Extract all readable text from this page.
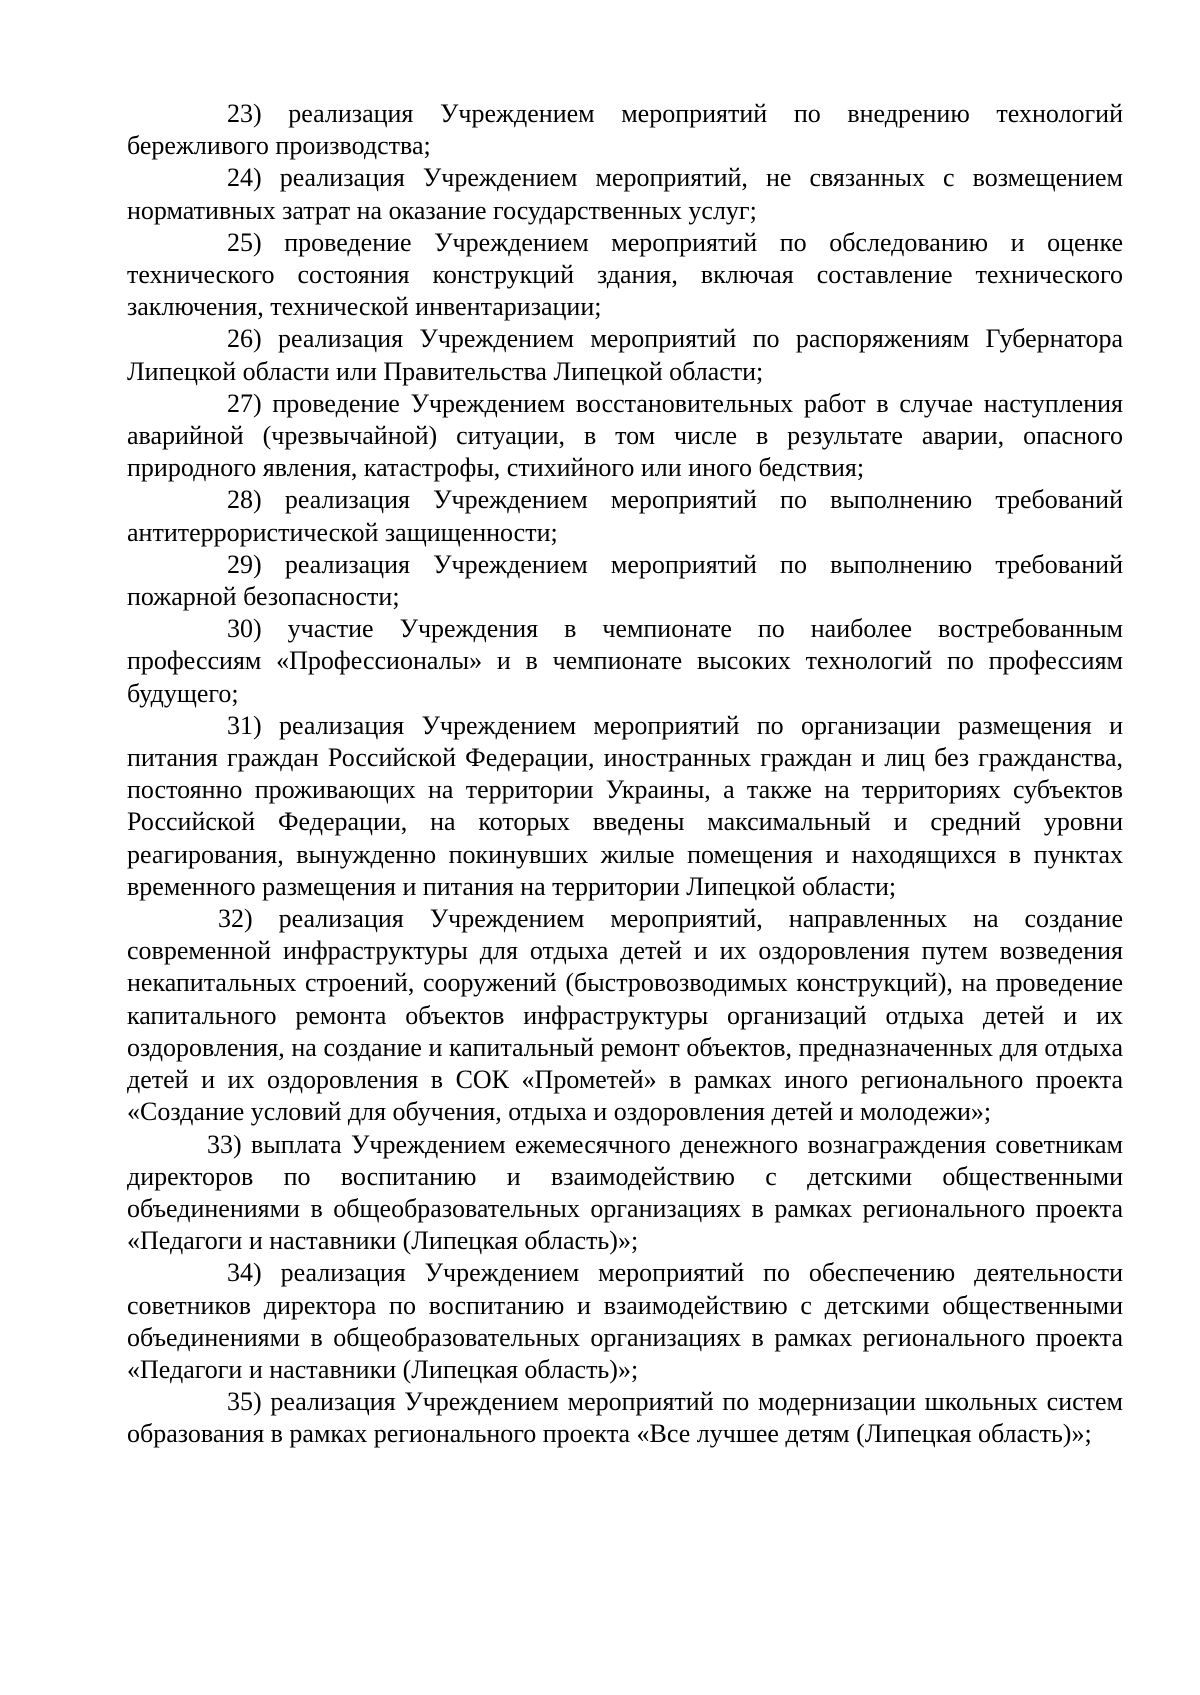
23) реализация Учреждением мероприятий по внедрению технологий бережливого производства;

24) реализация Учреждением мероприятий, не связанных с возмещением нормативных затрат на оказание государственных услуг;

25) проведение Учреждением мероприятий по обследованию и оценке технического состояния конструкций здания, включая составление технического заключения, технической инвентаризации;

26) реализация Учреждением мероприятий по распоряжениям Губернатора Липецкой области или Правительства Липецкой области;

27) проведение Учреждением восстановительных работ в случае наступления аварийной (чрезвычайной) ситуации, в том числе в результате аварии, опасного природного явления, катастрофы, стихийного или иного бедствия;

28) реализация Учреждением мероприятий по выполнению требований антитеррористической защищенности;

29) реализация Учреждением мероприятий по выполнению требований пожарной безопасности;

30) участие Учреждения в чемпионате по наиболее востребованным профессиям «Профессионалы» и в чемпионате высоких технологий по профессиям будущего;

31) реализация Учреждением мероприятий по организации размещения и питания граждан Российской Федерации, иностранных граждан и лиц без гражданства, постоянно проживающих на территории Украины, а также на территориях субъектов Российской Федерации, на которых введены максимальный и средний уровни реагирования, вынужденно покинувших жилые помещения и находящихся в пунктах временного размещения и питания на территории Липецкой области;

32) реализация Учреждением мероприятий, направленных на создание современной инфраструктуры для отдыха детей и их оздоровления путем возведения некапитальных строений, сооружений (быстровозводимых конструкций), на проведение капитального ремонта объектов инфраструктуры организаций отдыха детей и их оздоровления, на создание и капитальный ремонт объектов, предназначенных для отдыха детей и их оздоровления в СОК «Прометей» в рамках иного регионального проекта «Создание условий для обучения, отдыха и оздоровления детей и молодежи»;

33) выплата Учреждением ежемесячного денежного вознаграждения советникам директоров по воспитанию и взаимодействию с детскими общественными объединениями в общеобразовательных организациях в рамках регионального проекта «Педагоги и наставники (Липецкая область)»;

34) реализация Учреждением мероприятий по обеспечению деятельности советников директора по воспитанию и взаимодействию с детскими общественными объединениями в общеобразовательных организациях в рамках регионального проекта «Педагоги и наставники (Липецкая область)»;

35) реализация Учреждением мероприятий по модернизации школьных систем образования в рамках регионального проекта «Все лучшее детям (Липецкая область)»;
